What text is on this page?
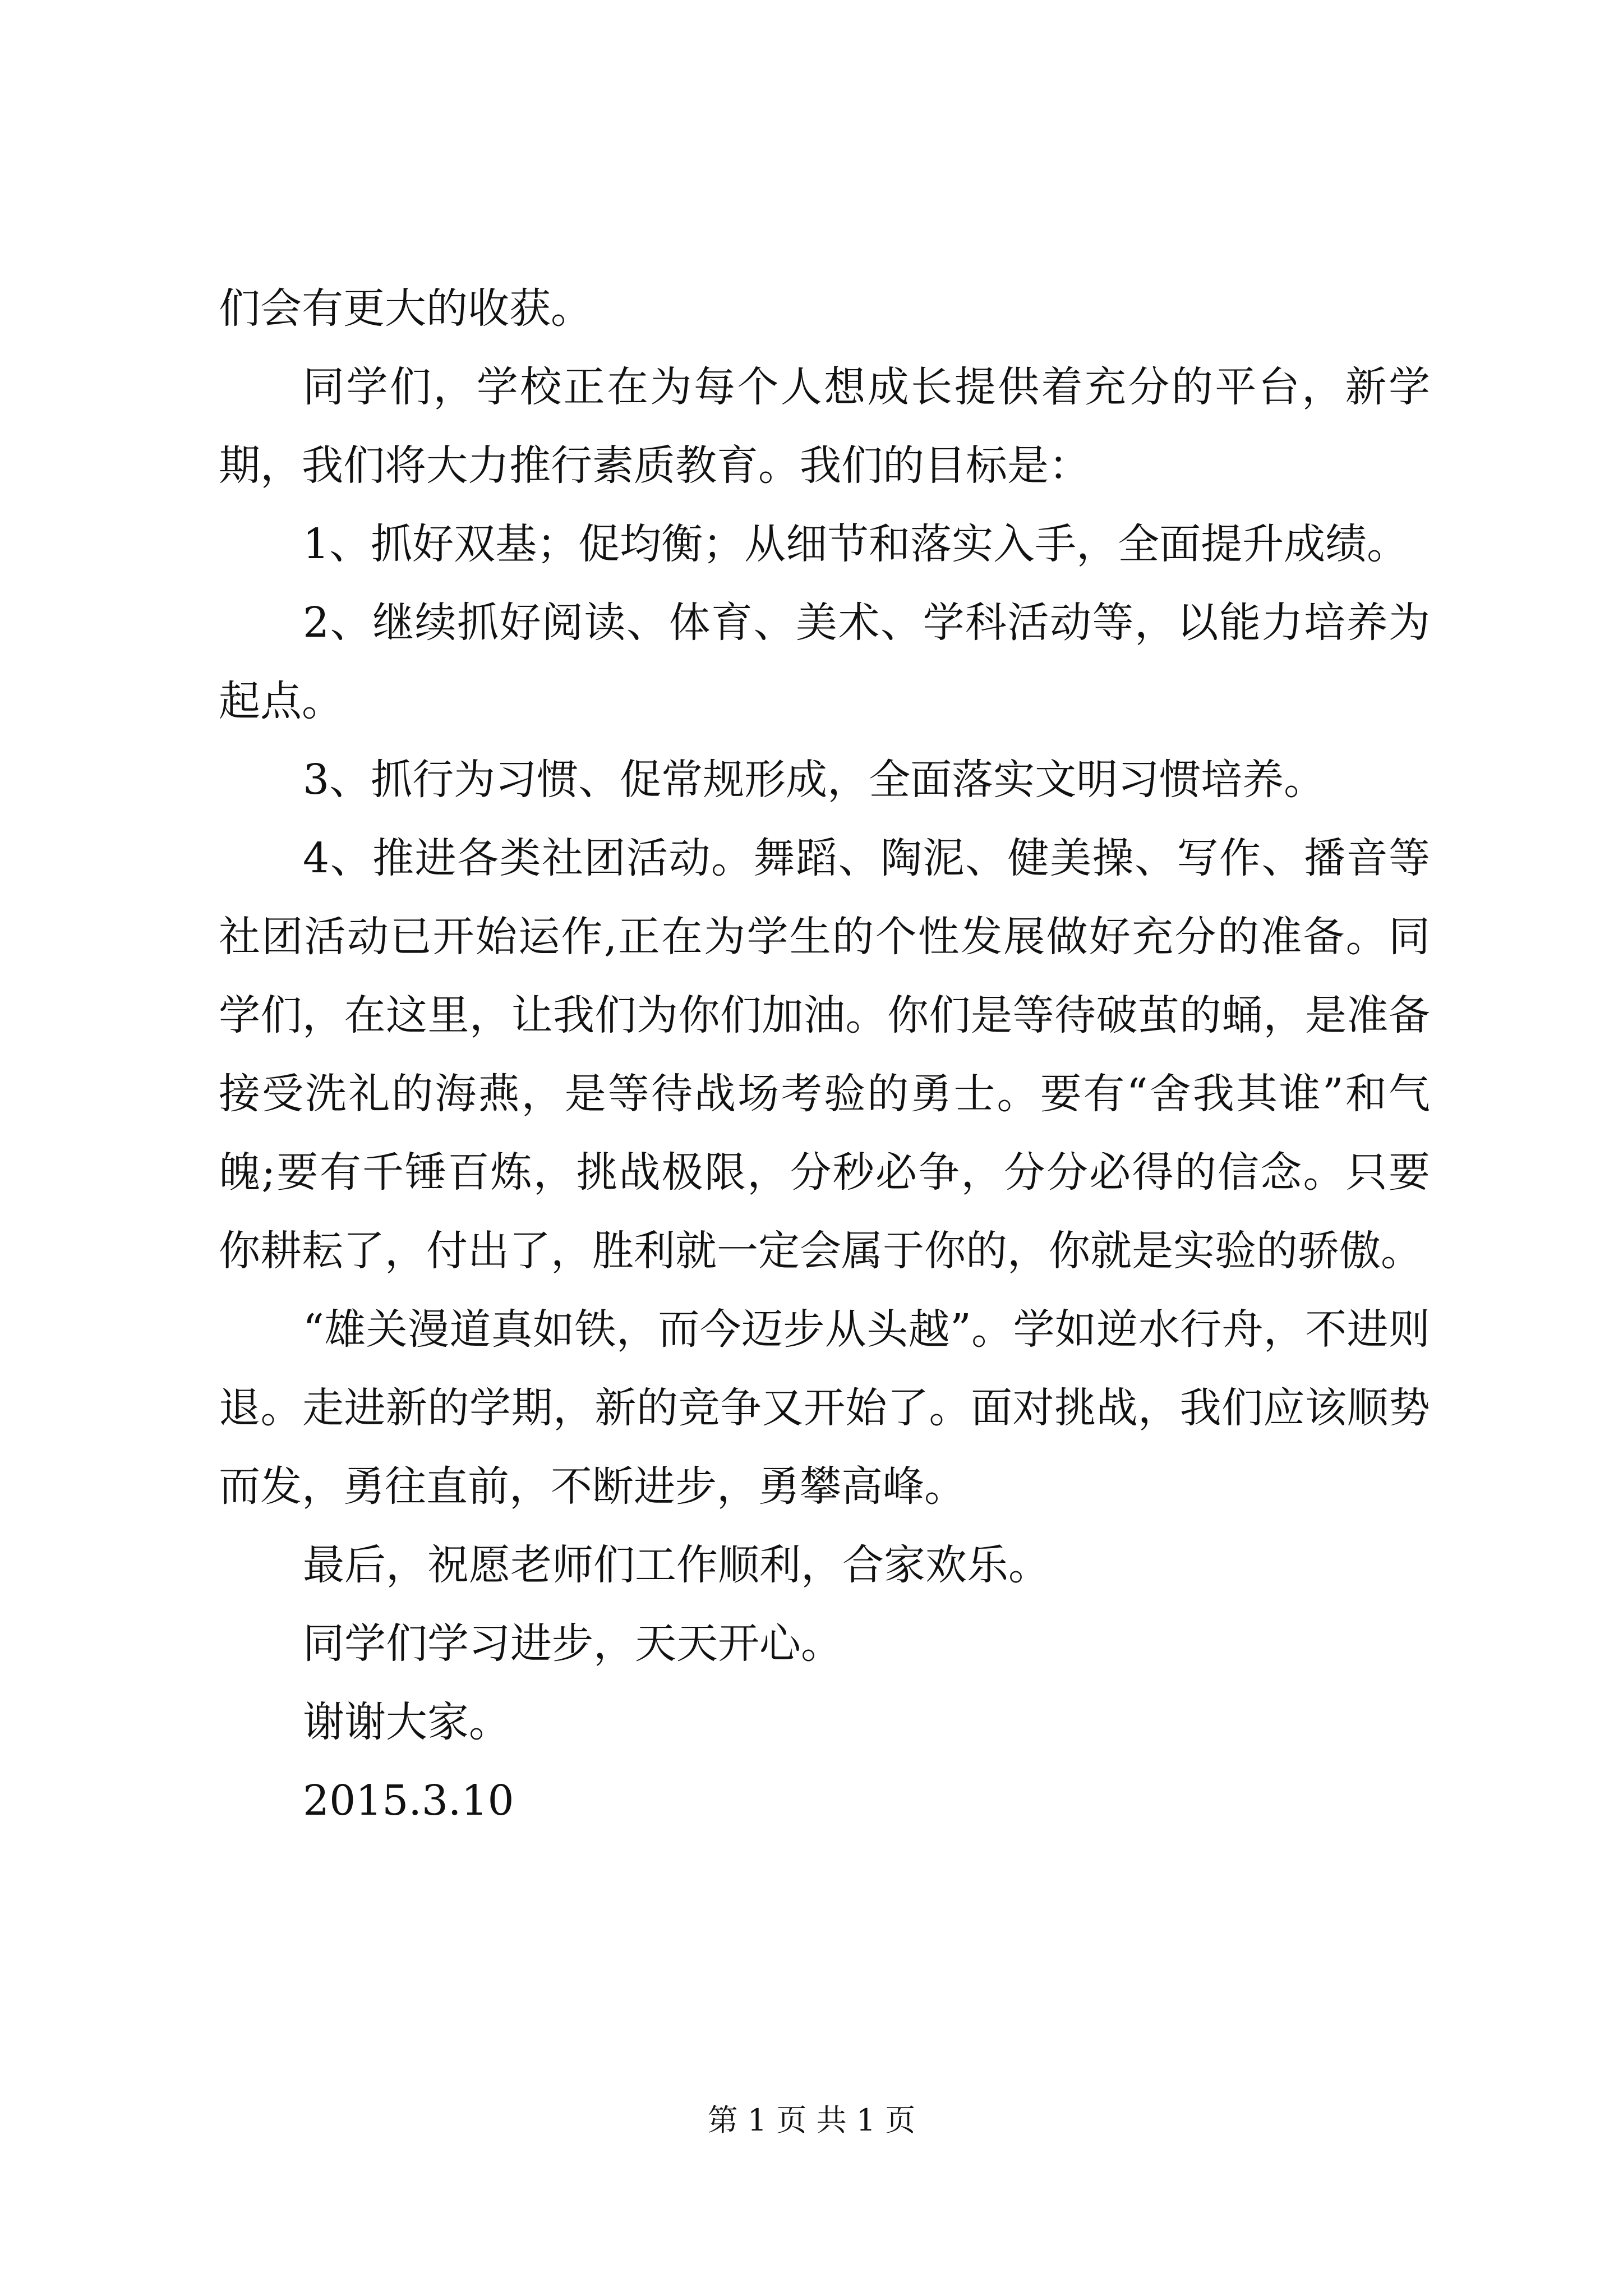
们会有更大的收获。

同学们，学校正在为每个人想成长提供着充分的平台，新学期，我们将大力推行素质教育。我们的目标是：

1、抓好双基；促均衡；从细节和落实入手，全面提升成绩。

2、继续抓好阅读、体育、美术、学科活动等，以能力培养为起点。

3、抓行为习惯、促常规形成，全面落实文明习惯培养。

4、推进各类社团活动。舞蹈、陶泥、健美操、写作、播音等社团活动已开始运作,正在为学生的个性发展做好充分的准备。同学们，在这里，让我们为你们加油。你们是等待破茧的蛹，是准备接受洗礼的海燕，是等待战场考验的勇士。要有“舍我其谁”和气魄;要有千锤百炼，挑战极限，分秒必争，分分必得的信念。只要你耕耘了，付出了，胜利就一定会属于你的，你就是实验的骄傲。

“雄关漫道真如铁，而今迈步从头越”。学如逆水行舟，不进则退。走进新的学期，新的竞争又开始了。面对挑战，我们应该顺势而发，勇往直前，不断进步，勇攀高峰。

最后，祝愿老师们工作顺利，合家欢乐。

同学们学习进步，天天开心。

谢谢大家。

2015.3.10

第 1 页 共 1 页
